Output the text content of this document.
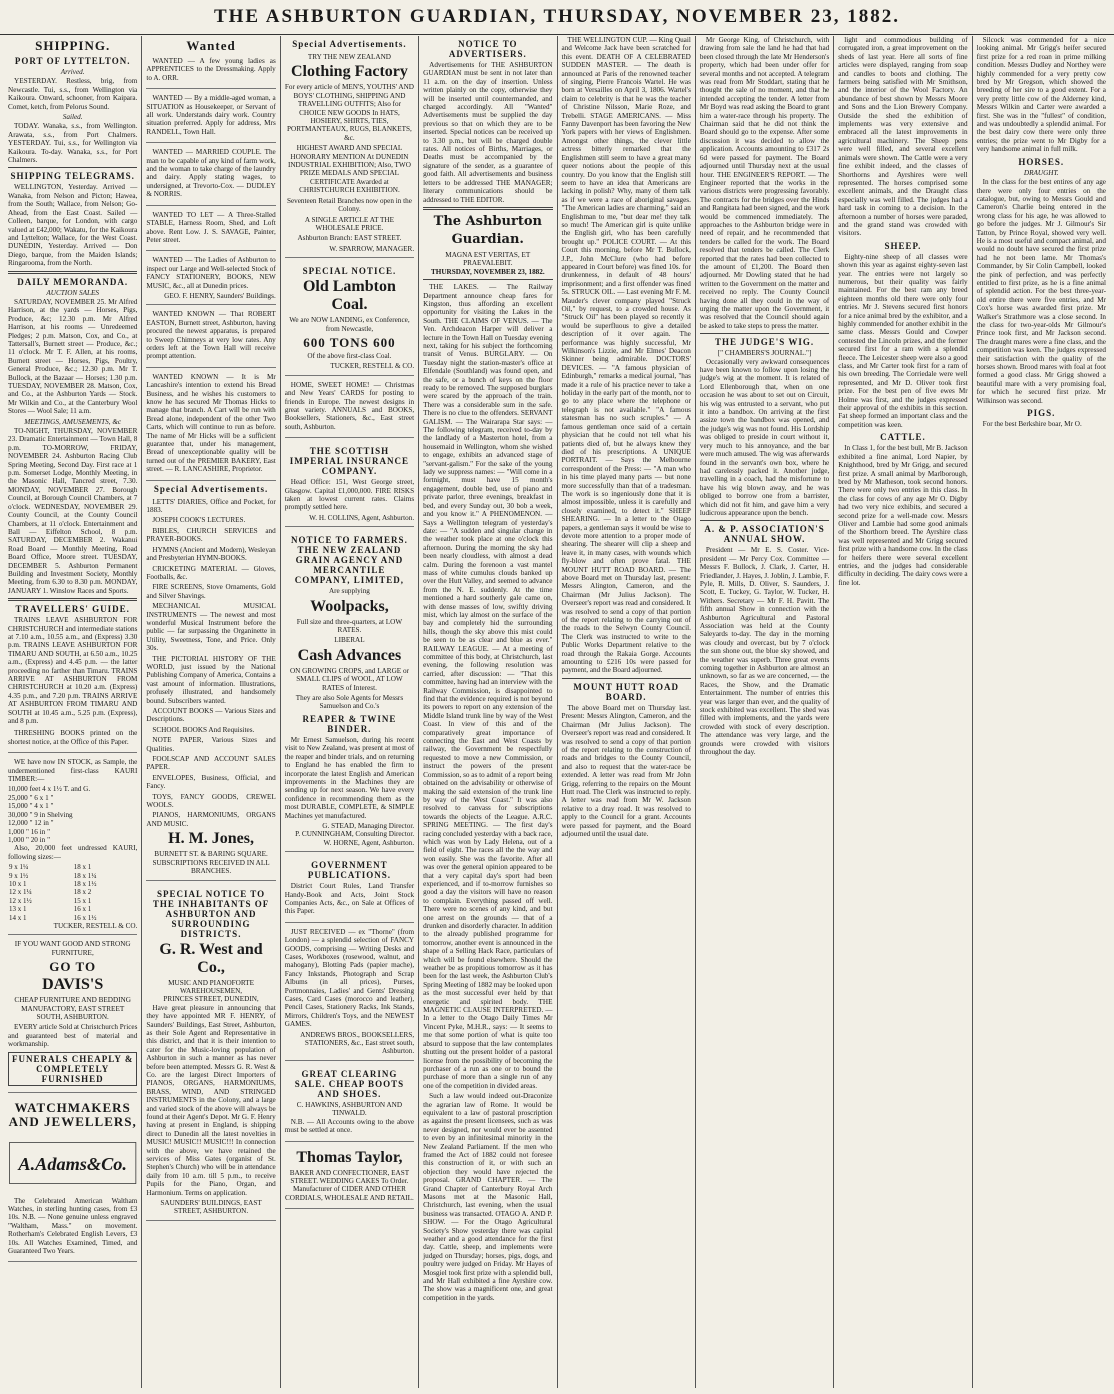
THE ASHBURTON GUARDIAN, THURSDAY, NOVEMBER 23, 1882.
SHIPPING.
PORT OF LYTTELTON.
Arrived.

YESTERDAY. Restless, brig, from Newcastle. Tui, s.s., from Wellington via Kaikoura. Onward, schooner, from Kaipara. Comet, ketch, from Pelorus Sound.

Sailed.

TODAY. Wanaka, s.s., from Wellington. Arawata, s.s., from Port Chalmers. YESTERDAY. Tui, s.s., for Wellington via Kaikoura. To-day. Wanaka, s.s., for Port Chalmers.

SHIPPING TELEGRAMS.

WELLINGTON, Yesterday. Arrived — Wanaka, from Nelson and Picton; Hawea, from the South; Wallace, from Nelson; Go-Ahead, from the East Coast. Sailed — Colleen, barque, for London, with cargo valued at £42,000; Wakatu, for the Kaikoura and Lyttelton; Wallace, for the West Coast. DUNEDIN, Yesterday. Arrived — Don Diego, barque, from the Maiden Islands; Ringarooma, from the North.

DAILY MEMORANDA.
AUCTION SALES

SATURDAY, NOVEMBER 25. Mr Alfred Harrison, at the yards — Horses, Pigs, Produce, &c; 12.30 p.m. Mr Alfred Harrison, at his rooms — Unredeemed Pledges; 2 p.m. Matson, Cox, and Co., at Tattersall's, Burnett street — Produce, &c.; 11 o'clock. Mr T. F. Allen, at his rooms, Burnett street — Horses, Pigs, Poultry, General Produce, &c.; 12.30 p.m. Mr T. Bullock, at the Bazaar — Horses; 1.30 p.m. TUESDAY, NOVEMBER 28. Matson, Cox, and Co., at the Ashburton Yards — Stock. Mr Wilkin and Co., at the Canterbury Wool Stores — Wool Sale; 11 a.m.

MEETINGS, AMUSEMENTS, &c

TO-NIGHT, THURSDAY, NOVEMBER 23. Dramatic Entertainment — Town Hall, 8 p.m. TO-MORROW, FRIDAY, NOVEMBER 24. Ashburton Racing Club Spring Meeting, Second Day. First race at 1 p.m. Somerset Lodge, Monthly Meeting, in the Masonic Hall, Tancred street, 7.30. MONDAY, NOVEMBER 27. Borough Council, at Borough Council Chambers, at 7 o'clock. WEDNESDAY, NOVEMBER 29. County Council, at the County Council Chambers, at 11 o'clock. Entertainment and Ball — Eiffelton School, 8 p.m. SATURDAY, DECEMBER 2. Wakanui Road Board — Monthly Meeting, Road Board Office, Moore street. TUESDAY, DECEMBER 5. Ashburton Permanent Building and Investment Society, Monthly Meeting, from 6.30 to 8.30 p.m. MONDAY, JANUARY 1. Winslow Races and Sports.

TRAVELLERS' GUIDE.

TRAINS LEAVE ASHBURTON FOR CHRISTCHURCH and intermediate stations at 7.10 a.m., 10.55 a.m., and (Express) 3.30 p.m. TRAINS LEAVE ASHBURTON FOR TIMARU AND SOUTH, at 6.50 a.m., 10.25 a.m., (Express) and 4.45 p.m. — the latter proceeding no farther than Timaru. TRAINS ARRIVE AT ASHBURTON FROM CHRISTCHURCH at 10.20 a.m. (Express) 4.35 p.m., and 7.20 p.m. TRAINS ARRIVE AT ASHBURTON FROM TIMARU AND SOUTH at 10.45 a.m., 5.25 p.m. (Express), and 8 p.m.

THRESHING BOOKS printed on the shortest notice, at the Office of this Paper.

WE have now IN STOCK, as Sample, the undermentioned first-class KAURI TIMBER:—

10,000 feet 4 x 1½ T. and G.
25,000 " 6 x 1 "
15,000 " 4 x 1 "
30,000 " 9 in Shelving
12,000 " 12 in "
1,000 " 16 in "
1,000 " 20 in "

Also, 20,000 feet undressed KAURI, following sizes:—

9 x 1¼	18 x 1
9 x 1½	18 x 1¼
10 x 1	18 x 1½
12 x 1¼	18 x 2
12 x 1½	15 x 1
13 x 1	16 x 1
14 x 1	16 x 1½
TUCKER, RESTELL & CO.

IF YOU WANT GOOD AND STRONG FURNITURE,

GO TO
DAVIS'S

CHEAP FURNITURE AND BEDDING MANUFACTORY, EAST STREET SOUTH, ASHBURTON.

EVERY article Sold at Christchurch Prices and guaranteed best of material and workmanship.

FUNERALS CHEAPLY & COMPLETELY FURNISHED
WATCHMAKERS AND JEWELLERS,
A.Adams&Co.

The Celebrated American Waltham Watches, in sterling hunting cases, from £3 10s. N.B. — None genuine unless engraved "Waltham, Mass." on movement. Rotherham's Celebrated English Levers, £3 10s. All Watches Examined, Timed, and Guaranteed Two Years.

Wanted

WANTED — A few young ladies as APPRENTICES to the Dressmaking. Apply to A. ORR.

WANTED — By a middle-aged woman, a SITUATION as Housekeeper, or Servant of all work. Understands dairy work. Country situation preferred. Apply for address, Mrs RANDELL, Town Hall.

WANTED — MARRIED COUPLE. The man to be capable of any kind of farm work, and the woman to take charge of the laundry and dairy. Apply stating wages, to undersigned, at Trevorto-Cox. — DUDLEY & NORRIS.

WANTED TO LET — A Three-Stalled STABLE, Harness Room, Shed, and Loft above. Rent Low. J. S. SAVAGE, Painter, Peter street.

WANTED — The Ladies of Ashburton to inspect our Large and Well-selected Stock of FANCY STATIONERY, BOOKS, NEW MUSIC, &c., all at Dunedin prices.

GEO. F. HENRY, Saunders' Buildings.

WANTED KNOWN — That ROBERT EASTON, Burnett street, Ashburton, having procured the newest apparatus, is prepared to Sweep Chimneys at very low rates. Any orders left at the Town Hall will receive prompt attention.

WANTED KNOWN — It is Mr Lancashire's intention to extend his Bread Business, and he wishes his customers to know he has secured Mr Thomas Hicks to manage that branch. A Cart will be run with Bread alone, independent of the other Two Carts, which will continue to run as before. The name of Mr Hicks will be a sufficient guarantee that, under his management, Bread of unexceptionable quality will be turned out of the PREMIER BAKERY, East street. — R. LANCASHIRE, Proprietor.

Special Advertisements.

LETTS' DIARIES, Office and Pocket, for 1883.

JOSEPH COOK'S LECTURES.

BIBLES, CHURCH SERVICES and PRAYER-BOOKS.

HYMNS (Ancient and Modern), Wesleyan and Presbyterian HYMN-BOOKS.

CRICKETING MATERIAL — Gloves, Footballs, &c.

FIRE SCREENS, Stove Ornaments, Gold and Silver Shavings.

MECHANICAL MUSICAL INSTRUMENTS — The newest and most wonderful Musical Instrument before the public — far surpassing the Organinette in Utility, Sweetness, Tone, and Price. Only 30s.

THE PICTORIAL HISTORY OF THE WORLD, just issued by the National Publishing Company of America, Contains a vast amount of information. Illustrations, profusely illustrated, and handsomely bound. Subscribers wanted.

ACCOUNT BOOKS — Various Sizes and Descriptions.

SCHOOL BOOKS And Requisites.

NOTE PAPER, Various Sizes and Qualities.

FOOLSCAP AND ACCOUNT SALES PAPER.

ENVELOPES, Business, Official, and Fancy.

TOYS, FANCY GOODS, CREWEL WOOLS.

PIANOS, HARMONIUMS, ORGANS AND MUSIC.

H. M. Jones,
BURNETT ST. & BARING SQUARE.
SUBSCRIPTIONS RECEIVED IN ALL BRANCHES.
SPECIAL NOTICE TO THE INHABITANTS OF ASHBURTON AND SURROUNDING DISTRICTS.
G. R. West and Co.,
MUSIC AND PIANOFORTE WAREHOUSEMEN,
PRINCES STREET, DUNEDIN,

Have great pleasure in announcing that they have appointed MR F. HENRY, of Saunders' Buildings, East Street, Ashburton, as their Sole Agent and Representative in this district, and that it is their intention to cater for the Music-loving population of Ashburton in such a manner as has never before been attempted. Messrs G. R. West & Co. are the largest Direct Importers of PIANOS, ORGANS, HARMONIUMS, BRASS, WIND, AND STRINGED INSTRUMENTS in the Colony, and a large and varied stock of the above will always be found at their Agent's Depot. Mr G. F. Henry having at present in England, is shipping direct to Dunedin all the latest novelties in MUSIC! MUSIC!! MUSIC!!! In connection with the above, we have retained the services of Miss Gates (organist of St. Stephen's Church) who will be in attendance daily from 10 a.m. till 5 p.m., to receive Pupils for the Piano, Organ, and Harmonium. Terms on application.

SAUNDERS' BUILDINGS, EAST STREET, ASHBURTON.
Special Advertisements.
TRY THE NEW ZEALAND
Clothing Factory

For every article of MEN'S, YOUTHS' AND BOYS' CLOTHING, SHIPPING AND TRAVELLING OUTFITS; Also for CHOICE NEW GOODS In HATS, HOSIERY, SHIRTS, TIES, PORTMANTEAUX, RUGS, BLANKETS, &c.

HIGHEST AWARD AND SPECIAL HONORARY MENTION At DUNEDIN INDUSTRIAL EXHIBITION; Also, TWO PRIZE MEDALS AND SPECIAL CERTIFICATE Awarded at CHRISTCHURCH EXHIBITION.

Seventeen Retail Branches now open in the Colony.

A SINGLE ARTICLE AT THE WHOLESALE PRICE.

Ashburton Branch: EAST STREET.

W. SPARROW, MANAGER.
SPECIAL NOTICE.
Old Lambton Coal.

We are NOW LANDING, ex Conference, from Newcastle,

600 TONS 600

Of the above first-class Coal.

TUCKER, RESTELL & CO.

HOME, SWEET HOME! — Christmas and New Years' CARDS for posting to friends in Europe. The newest designs in great variety. ANNUALS and BOOKS, Booksellers, Stationers, &c., East street south, Ashburton.

THE SCOTTISH IMPERIAL INSURANCE COMPANY.

Head Office: 151, West George street, Glasgow. Capital £1,000,000. FIRE RISKS taken at lowest current rates. Claims promptly settled here.

W. H. COLLINS, Agent, Ashburton.
NOTICE TO FARMERS. THE NEW ZEALAND GRAIN AGENCY AND MERCANTILE COMPANY, LIMITED,
Are supplying
Woolpacks,

Full size and three-quarters, at LOW RATES.

LIBERAL
Cash Advances

ON GROWING CROPS, and LARGE or SMALL CLIPS of WOOL, AT LOW RATES of Interest.

They are also Sole Agents for Messrs Samuelson and Co.'s

REAPER & TWINE BINDER.

Mr Ernest Samuelson, during his recent visit to New Zealand, was present at most of the reaper and binder trials, and on returning to England he has enabled the firm to incorporate the latest English and American improvements in the Machines they are sending up for next season. We have every confidence in recommending them as the most DURABLE, COMPLETE, & SIMPLE Machines yet manufactured.

G. STEAD, Managing Director.
P. CUNNINGHAM, Consulting Director.
W. HORNE, Agent, Ashburton.
GOVERNMENT PUBLICATIONS.

District Court Rules, Land Transfer Handy-Book and Acts, Joint Stock Companies Acts, &c., on Sale at Offices of this Paper.

JUST RECEIVED — ex "Thorne" (from London) — a splendid selection of FANCY GOODS, comprising — Writing Desks and Cases, Workboxes (rosewood, walnut, and mahogany), Blotting Pads (papier mache), Fancy Inkstands, Photograph and Scrap Albums (in all prices), Purses, Portmonnaies, Ladies' and Gents' Dressing Cases, Card Cases (morocco and leather), Pencil Cases, Stationery Racks, Ink Stands, Mirrors, Children's Toys, and the NEWEST GAMES.

ANDREWS BROS., BOOKSELLERS, STATIONERS, &c., East street south, Ashburton.
GREAT CLEARING SALE. CHEAP BOOTS AND SHOES.
C. HAWKINS, ASHBURTON AND TINWALD.

N.B. — All Accounts owing to the above must be settled at once.

Thomas Taylor,

BAKER AND CONFECTIONER, EAST STREET. WEDDING CAKES To Order. Manufacturer of CIDER AND OTHER CORDIALS, WHOLESALE AND RETAIL.

NOTICE TO ADVERTISERS.

Advertisements for THE ASHBURTON GUARDIAN must be sent in not later than 11 a.m. on the day of insertion. Unless written plainly on the copy, otherwise they will be inserted until countermanded, and charged accordingly. All "Wanted" Advertisements must be supplied the day previous so that on which they are to be inserted. Special notices can be received up to 3.30 p.m., but will be charged double rates. All notices of Births, Marriages, or Deaths must be accompanied by the signature of the sender, as a guarantee of good faith. All advertisements and business letters to be addressed THE MANAGER; literary communications should be addressed to THE EDITOR.

The Ashburton Guardian.
MAGNA EST VERITAS, ET PRAEVALEBIT.
THURSDAY, NOVEMBER 23, 1882.

THE LAKES. — The Railway Department announce cheap fares for Kingston, thus affording an excellent opportunity for visiting the Lakes in the South. THE CLAIMS OF VENUS. — The Ven. Archdeacon Harper will deliver a lecture in the Town Hall on Tuesday evening next, taking for his subject the forthcoming transit of Venus. BURGLARY. — On Tuesday night the station-master's office at Elfendale (Southland) was found open, and the safe, or a bunch of keys on the floor ready to be removed. The supposed burglars were scared by the approach of the train. There was a considerable sum in the safe. There is no clue to the offenders. SERVANT GALISM. — The Wairarapa Star says: — The following telegram, received to-day by the landlady of a Masterton hotel, from a housemaid in Wellington, whom she wished to engage, exhibits an advanced stage of "servant-galism." For the sake of the young lady we suppress names: — "Will come in a fortnight, must have 15 month's engagement, double bed, use of piano and private parlor, three evenings, breakfast in bed, and every Sunday out, 30 bob a week, and you know it." A PHENOMENON. — Says a Wellington telegram of yesterday's date: — "A sudden and singular change in the weather took place at one o'clock this afternoon. During the morning the sky had been nearly cloudless, with almost a dead calm. During the forenoon a vast mantel mass of white cumulus clouds banked up over the Hutt Valley, and seemed to advance from the N. E. suddenly. At the time mentioned a hard southerly gale came on, with dense masses of low, swiftly driving mist, which lay almost on the surface of the bay and completely hid the surrounding hills, though the sky above this mist could be seen to be as clear and blue as ever." RAILWAY LEAGUE. — At a meeting of committee of this body, at Christchurch, last evening, the following resolution was carried, after discussion: — "That this committee, having had an interview with the Railway Commission, is disappointed to find that the evidence required is not beyond its powers to report on any extension of the Middle Island trunk line by way of the West Coast. In view of this and of the comparatively great importance of connecting the East and West Coasts by railway, the Government be respectfully requested to move a new Commission, or instruct the powers of the present Commission, so as to admit of a report being obtained on the advisability or otherwise of making the said extension of the trunk line by way of the West Coast." It was also resolved to canvass for subscriptions towards the objects of the League. A.R.C. SPRING MEETING. — The first day's racing concluded yesterday with a back race, which was won by Lady Helena, out of a field of eight. The races all the the way and won easily. She was the favorite. After all was over the general opinion appeared to be that a very capital day's sport had been experienced, and if to-morrow furnishes so good a day the visitors will have no reason to complain. Everything passed off well. There were no scenes of any kind, and but one arrest on the grounds — that of a drunken and disorderly character. In addition to the already published programme for tomorrow, another event is announced in the shape of a Selling Hack Race, particulars of which will be found elsewhere. Should the weather be as propitious tomorrow as it has been for the last week, the Ashburton Club's Spring Meeting of 1882 may be looked upon as the most successful ever held by that energetic and spirited body. THE MAGNETIC CLAUSE INTERPRETED. — In a letter to the Otago Daily Times Mr Vincent Pyke, M.H.R., says: — It seems to me that some portion of what is quite too absurd to suppose that the law contemplates shutting out the present holder of a pastoral license from the possibility of becoming the purchaser of a run as one or to bound the purchase of more than a single run of any one of the competition in divided areas.

Such a law would indeed out-Draconize the agrarian law of Rome. It would be equivalent to a law of pastoral proscription as against the present licensees, such as was never designed, nor would ever be assented to even by an infinitesimal minority in the New Zealand Parliament. If the men who framed the Act of 1882 could not foresee this construction of it, or with such an objection they would have rejected the proposal. GRAND CHAPTER. — The Grand Chapter of Canterbury Royal Arch Masons met at the Masonic Hall, Christchurch, last evening, when the usual business was transacted. OTAGO A. AND P. SHOW. — For the Otago Agricultural Society's Show yesterday there was capital weather and a good attendance for the first day. Cattle, sheep, and implements were judged on Thursday; horses, pigs, dogs, and poultry were judged on Friday. Mr Hayes of Mosgiel took first prize with a splendid bull, and Mr Hall exhibited a fine Ayrshire cow. The show was a magnificent one, and great competition in the yards.

THE WELLINGTON CUP. — King Quail and Welcome Jack have been scratched for this event. DEATH OF A CELEBRATED SUDDEN MASTER. — The death is announced at Paris of the renowned teacher of singing, Pierre Francois Wartel. He was born at Versailles on April 3, 1806. Wartel's claim to celebrity is that he was the teacher of Christine Nilsson, Marie Roze, and Trebelli. STAGE AMERICANS. — Miss Fanny Davenport has been favoring the New York papers with her views of Englishmen. Amongst other things, the clever little actress bitterly remarked that the Englishmen still seem to have a great many queer notions about the people of this country. Do you know that the English still seem to have an idea that Americans are lacking in polish? Why, many of them talk as if we were a race of aboriginal savages. "The American ladies are charming," said an Englishman to me, "but dear me! they talk so much! The American girl is quite unlike the English girl, who has been carefully brought up." POLICE COURT. — At this Court this morning, before Mr T. Bullock, J.P., John McClure (who had before appeared in Court before) was fined 10s. for drunkenness, in default of 48 hours' imprisonment; and a first offender was fined 5s. STRUCK OIL. — Last evening Mr F. M. Mauder's clever company played "Struck Oil," by request, to a crowded house. As "Struck Oil" has been played so recently it would be superfluous to give a detailed description of it over again. The performance was highly successful, Mr Wilkinson's Lizzie, and Mr Elmes' Deacon Skinner being admirable. DOCTORS' DEVICES. — "A famous physician of Edinburgh," remarks a medical journal, "has made it a rule of his practice never to take a holiday in the early part of the month, nor to go to any place where the telephone or telegraph is not available." "A famous statesman has no such scruples." — A famous gentleman once said of a certain physician that he could not tell what his patients died of, but he always knew they died of his prescriptions. A UNIQUE PORTRAIT. — Says the Melbourne correspondent of the Press: — "A man who in his time played many parts — but none more successfully than that of a tradesman. The work is so ingeniously done that it is almost impossible, unless it is carefully and closely examined, to detect it." SHEEP SHEARING. — In a letter to the Otago papers, a gentleman says it would be wise to devote more attention to a proper mode of shearing. The shearer will clip a sheep and leave it, in many cases, with wounds which fly-blow and often prove fatal. THE MOUNT HUTT ROAD BOARD. — The above Board met on Thursday last, present: Messrs Alington, Cameron, and the Chairman (Mr Julius Jackson). The Overseer's report was read and considered. It was resolved to send a copy of that portion of the report relating to the carrying out of the roads to the Selwyn County Council. The Clerk was instructed to write to the Public Works Department relative to the road through the Rakaia Gorge. Accounts amounting to £216 10s were passed for payment, and the Board adjourned.

MOUNT HUTT ROAD BOARD.

The above Board met on Thursday last. Present: Messrs Alington, Cameron, and the Chairman (Mr Julius Jackson). The Overseer's report was read and considered. It was resolved to send a copy of that portion of the report relating to the construction of roads and bridges to the County Council, and also to request that the water-race be extended. A letter was read from Mr John Grigg, referring to the repairs on the Mount Hutt road. The Clerk was instructed to reply. A letter was read from Mr W. Jackson relative to a dray road. It was resolved to apply to the Council for a grant. Accounts were passed for payment, and the Board adjourned until the usual date.

Mr George King, of Christchurch, with drawing from sale the land he had that had been closed through the late Mr Henderson's property, which had been under offer for several months and not accepted. A telegram was read from Mr Stoddart, stating that he thought the sale of no moment, and that he intended accepting the tender. A letter from Mr Boyd was read asking the Board to grant him a water-race through his property. The Chairman said that he did not think the Board should go to the expense. After some discussion it was decided to allow the application. Accounts amounting to £317 2s 6d were passed for payment. The Board adjourned until Thursday next at the usual hour. THE ENGINEER'S REPORT. — The Engineer reported that the works in the various districts were progressing favorably. The contracts for the bridges over the Hinds and Rangitata had been signed, and the work would be commenced immediately. The approaches to the Ashburton bridge were in need of repair, and he recommended that tenders be called for the work. The Board resolved that tenders be called. The Clerk reported that the rates had been collected to the amount of £1,200. The Board then adjourned. Mr Dowling stated that he had written to the Government on the matter and received no reply. The County Council having done all they could in the way of urging the matter upon the Government, it was resolved that the Council should again be asked to take steps to press the matter.

THE JUDGE'S WIG.
[" CHAMBERS'S JOURNAL."]

Occasionally very awkward consequences have been known to follow upon losing the judge's wig at the moment. It is related of Lord Ellenborough that, when on one occasion he was about to set out on Circuit, his wig was entrusted to a servant, who put it into a bandbox. On arriving at the first assize town the bandbox was opened, and the judge's wig was not found. His Lordship was obliged to preside in court without it, very much to his annoyance, and the bar were much amused. The wig was afterwards found in the servant's own box, where he had carelessly packed it. Another judge, travelling in a coach, had the misfortune to have his wig blown away, and he was obliged to borrow one from a barrister, which did not fit him, and gave him a very ludicrous appearance upon the bench.

A. & P. ASSOCIATION'S ANNUAL SHOW.

President — Mr E. S. Coster. Vice-president — Mr Percy Cox. Committee — Messrs F. Bullock, J. Clark, J. Carter, H. Friedlander, J. Hayes, J. Joblin, J. Lambie, F. Pyle, R. Mills, D. Oliver, S. Saunders, J. Scott, E. Tuckey, G. Taylor, W. Tucker, H. Withers. Secretary — Mr F. H. Pavitt. The fifth annual Show in connection with the Ashburton Agricultural and Pastoral Association was held at the County Saleyards to-day. The day in the morning was cloudy and overcast, but by 7 o'clock the sun shone out, the blue sky showed, and the weather was superb. Three great events coming together in Ashburton are almost an unknown, so far as we are concerned, — the Races, the Show, and the Dramatic Entertainment. The number of entries this year was larger than ever, and the quality of stock exhibited was excellent. The shed was filled with implements, and the yards were crowded with stock of every description. The attendance was very large, and the grounds were crowded with visitors throughout the day.

light and commodious building of corrugated iron, a great improvement on the sheds of last year. Here all sorts of fine articles were displayed, ranging from soap and candles to boots and clothing. The farmers being satisfied with Mr Smithson, and the interior of the Wool Factory. An abundance of best shown by Messrs Moore and Sons and the Lion Brewery Company. Outside the shed the exhibition of implements was very extensive and embraced all the latest improvements in agricultural machinery. The Sheep pens were well filled, and several excellent animals were shown. The Cattle were a very fine exhibit indeed, and the classes of Shorthorns and Ayrshires were well represented. The horses comprised some excellent animals, and the Draught class especially was well filled. The judges had a hard task in coming to a decision. In the afternoon a number of horses were paraded, and the grand stand was crowded with visitors.

SHEEP.

Eighty-nine sheep of all classes were shown this year as against eighty-seven last year. The entries were not largely so numerous, but their quality was fairly maintained. For the best ram any breed eighteen months old there were only four entries. Mr J. Stevens secured first honors for a nice animal bred by the exhibitor, and a highly commended for another exhibit in the same class. Messrs Gould and Cowper contested the Lincoln prizes, and the former secured first for a ram with a splendid fleece. The Leicester sheep were also a good class, and Mr Carter took first for a ram of his own breeding. The Corriedale were well represented, and Mr D. Oliver took first prize. For the best pen of five ewes Mr Holme was first, and the judges expressed their approval of the exhibits in this section. Fat sheep formed an important class and the competition was keen.

CATTLE.

In Class 1, for the best bull, Mr B. Jackson exhibited a fine animal, Lord Napier, by Knighthood, bred by Mr Grigg, and secured first prize. A small animal by Marlborough, bred by Mr Matheson, took second honors. There were only two entries in this class. In the class for cows of any age Mr O. Digby had two very nice exhibits, and secured a second prize for a well-made cow. Messrs Oliver and Lambie had some good animals of the Shorthorn breed. The Ayrshire class was well represented and Mr Grigg secured first prize with a handsome cow. In the class for heifers there were several excellent entries, and the judges had considerable difficulty in deciding. The dairy cows were a fine lot.

Silcock was commended for a nice looking animal. Mr Grigg's heifer secured first prize for a red roan in prime milking condition. Messrs Dudley and Northey were highly commended for a very pretty cow bred by Mr Gregson, which showed the breeding of her sire to a good extent. For a very pretty little cow of the Alderney kind, Messrs Wilkin and Carter were awarded a first. She was in the "fullest" of condition, and was undoubtedly a splendid animal. For the best dairy cow there were only three entries; the prize went to Mr Digby for a very handsome animal in full milk.

HORSES.
DRAUGHT.

In the class for the best entires of any age there were only four entries on the catalogue, but, owing to Messrs Gould and Cameron's Charlie being entered in the wrong class for his age, he was allowed to go before the judges. Mr J. Gilmour's Sir Tatton, by Prince Royal, showed very well. He is a most useful and compact animal, and would no doubt have secured the first prize had he not been lame. Mr Thomas's Commander, by Sir Colin Campbell, looked the pink of perfection, and was perfectly entitled to first prize, as he is a fine animal of splendid action. For the best three-year-old entire there were five entries, and Mr Cox's horse was awarded first prize. Mr Walker's Strathmore was a close second. In the class for two-year-olds Mr Gilmour's Prince took first, and Mr Jackson second. The draught mares were a fine class, and the competition was keen. The judges expressed their satisfaction with the quality of the horses shown. Brood mares with foal at foot formed a good class. Mr Grigg showed a beautiful mare with a very promising foal, for which he secured first prize. Mr Wilkinson was second.

PIGS.

For the best Berkshire boar, Mr O.
